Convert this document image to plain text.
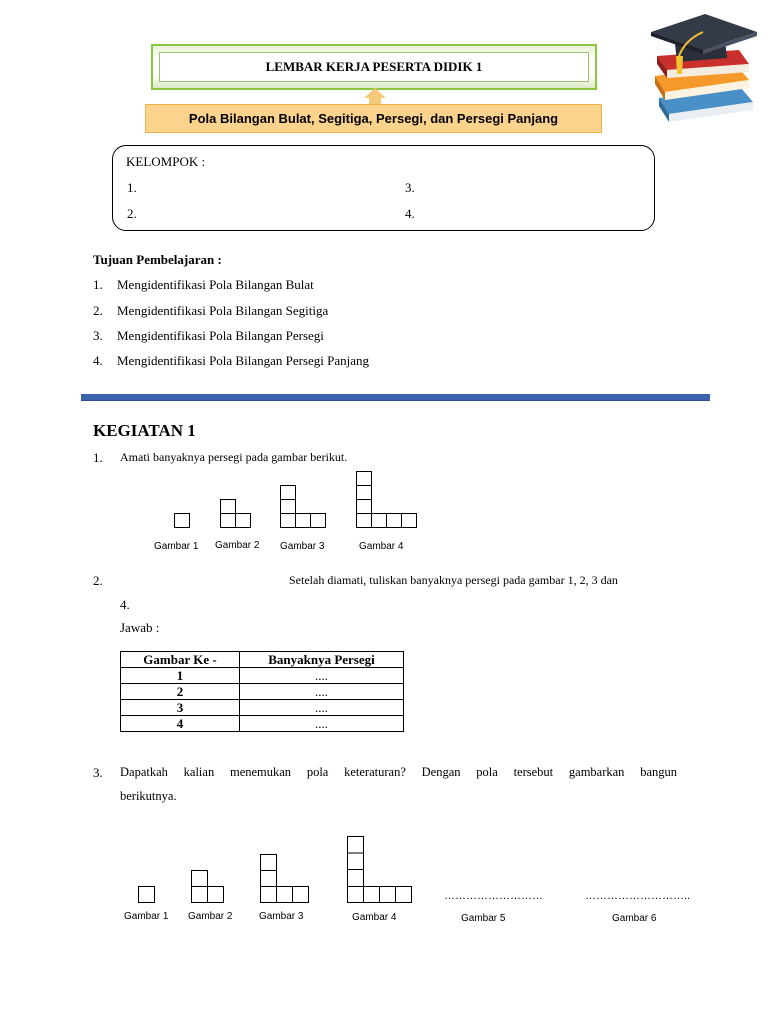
LEMBAR KERJA PESERTA DIDIK 1
Pola Bilangan Bulat, Segitiga, Persegi, dan Persegi Panjang
KELOMPOK :
1.
2.
3.
4.
Tujuan Pembelajaran :
1. Mengidentifikasi Pola Bilangan Bulat
2. Mengidentifikasi Pola Bilangan Segitiga
3. Mengidentifikasi Pola Bilangan Persegi
4. Mengidentifikasi Pola Bilangan Persegi Panjang
KEGIATAN 1
1. Amati banyaknya persegi pada gambar berikut.
Gambar 1 Gambar 2 Gambar 3	Gambar 4
2.	Setelah diamati, tuliskan banyaknya persegi pada gambar 1, 2, 3 dan
4.
Jawab :
Gambar Ke -	Banyaknya Persegi
1	....
2	....
3	....
4	....
3. Dapatkah kalian menemukan pola keteraturan? Dengan pola tersebut gambarkan bangun
berikutnya.
………………………	………………………..
Gambar 1 Gambar 2	Gambar 3	Gambar 4	Gambar 5	Gambar 6
